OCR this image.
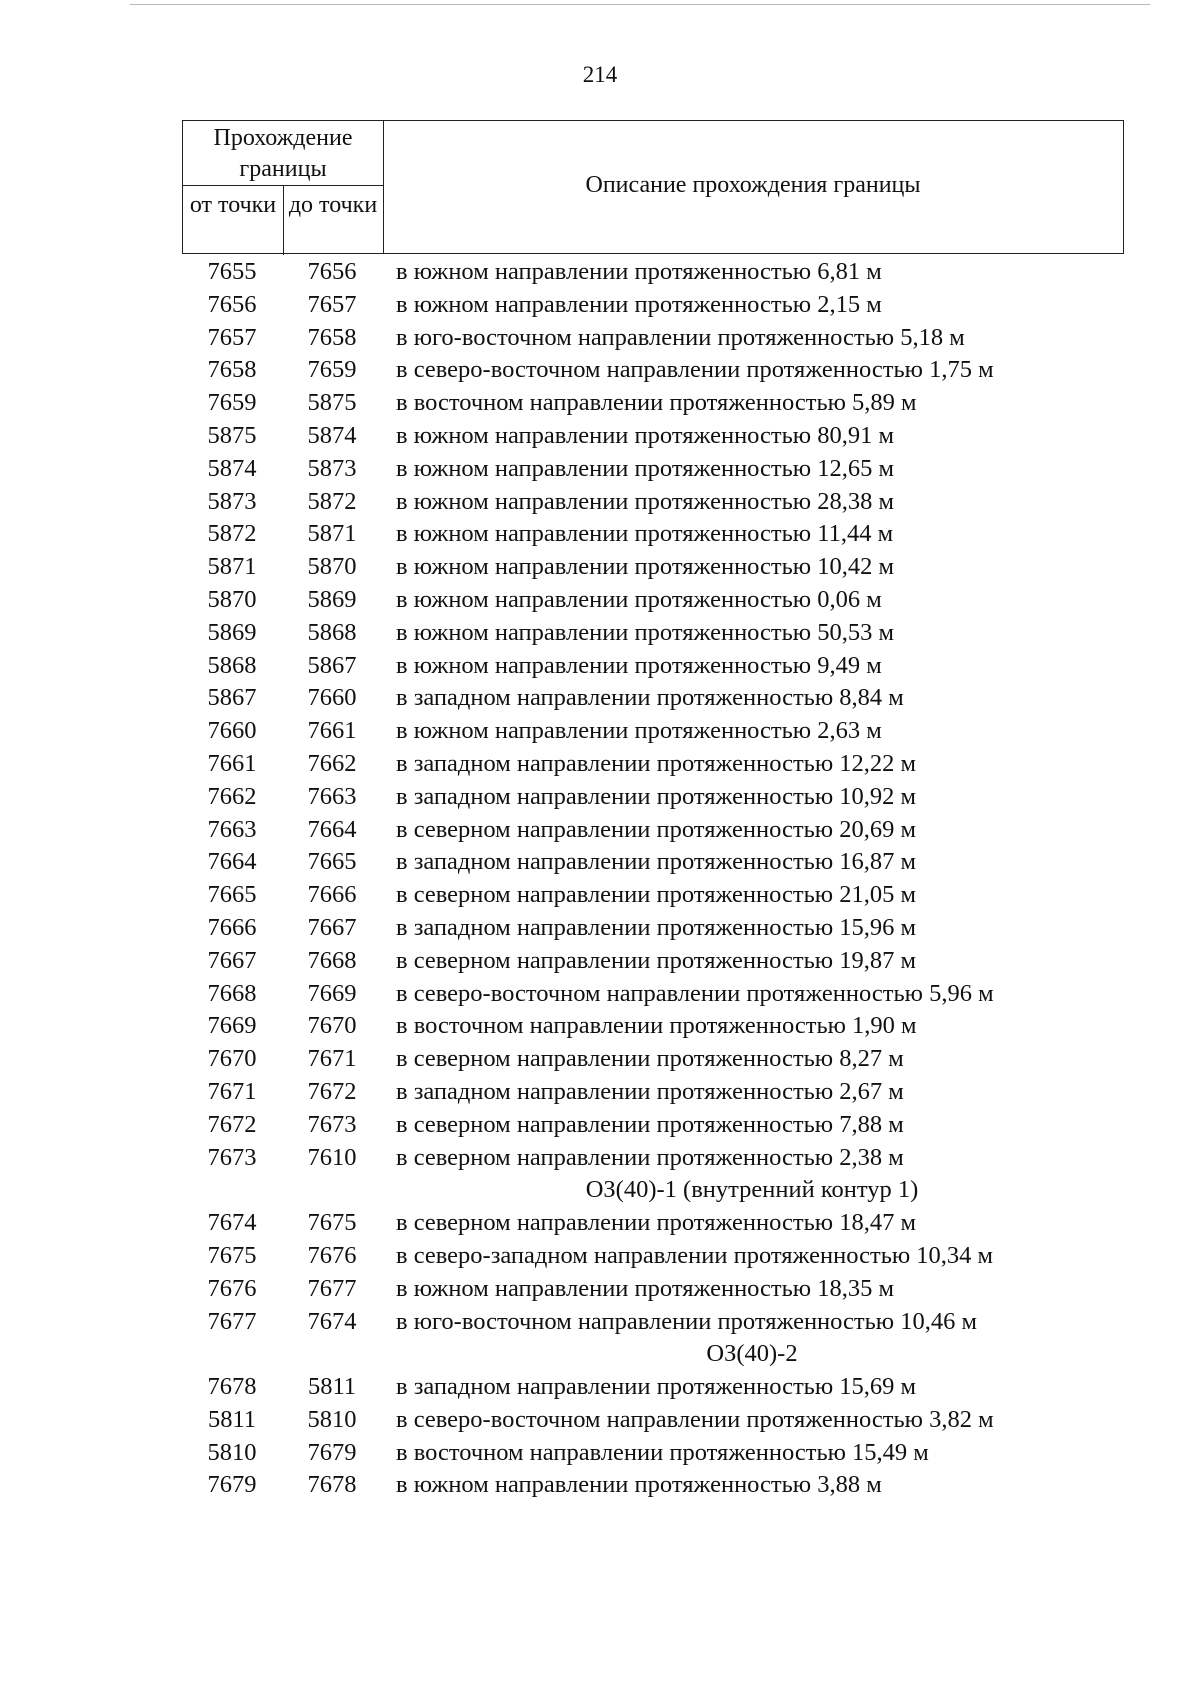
214
Прохождение границы
от точки до точки
Описание прохождения границы
7655	7656	в южном направлении протяженностью 6,81 м
7656	7657	в южном направлении протяженностью 2,15 м
7657	7658	в юго-восточном направлении протяженностью 5,18 м
7658	7659	в северо-восточном направлении протяженностью 1,75 м
7659	5875	в восточном направлении протяженностью 5,89 м
5875	5874	в южном направлении протяженностью 80,91 м
5874	5873	в южном направлении протяженностью 12,65 м
5873	5872	в южном направлении протяженностью 28,38 м
5872	5871	в южном направлении протяженностью 11,44 м
5871	5870	в южном направлении протяженностью 10,42 м
5870	5869	в южном направлении протяженностью 0,06 м
5869	5868	в южном направлении протяженностью 50,53 м
5868	5867	в южном направлении протяженностью 9,49 м
5867	7660	в западном направлении протяженностью 8,84 м
7660	7661	в южном направлении протяженностью 2,63 м
7661	7662	в западном направлении протяженностью 12,22 м
7662	7663	в западном направлении протяженностью 10,92 м
7663	7664	в северном направлении протяженностью 20,69 м
7664	7665	в западном направлении протяженностью 16,87 м
7665	7666	в северном направлении протяженностью 21,05 м
7666	7667	в западном направлении протяженностью 15,96 м
7667	7668	в северном направлении протяженностью 19,87 м
7668	7669	в северо-восточном направлении протяженностью 5,96 м
7669	7670	в восточном направлении протяженностью 1,90 м
7670	7671	в северном направлении протяженностью 8,27 м
7671	7672	в западном направлении протяженностью 2,67 м
7672	7673	в северном направлении протяженностью 7,88 м
7673	7610	в северном направлении протяженностью 2,38 м
ОЗ(40)-1 (внутренний контур 1)
7674	7675	в северном направлении протяженностью 18,47 м
7675	7676	в северо-западном направлении протяженностью 10,34 м
7676	7677	в южном направлении протяженностью 18,35 м
7677	7674	в юго-восточном направлении протяженностью 10,46 м
ОЗ(40)-2
7678	5811	в западном направлении протяженностью 15,69 м
5811	5810	в северо-восточном направлении протяженностью 3,82 м
5810	7679	в восточном направлении протяженностью 15,49 м
7679	7678	в южном направлении протяженностью 3,88 м
